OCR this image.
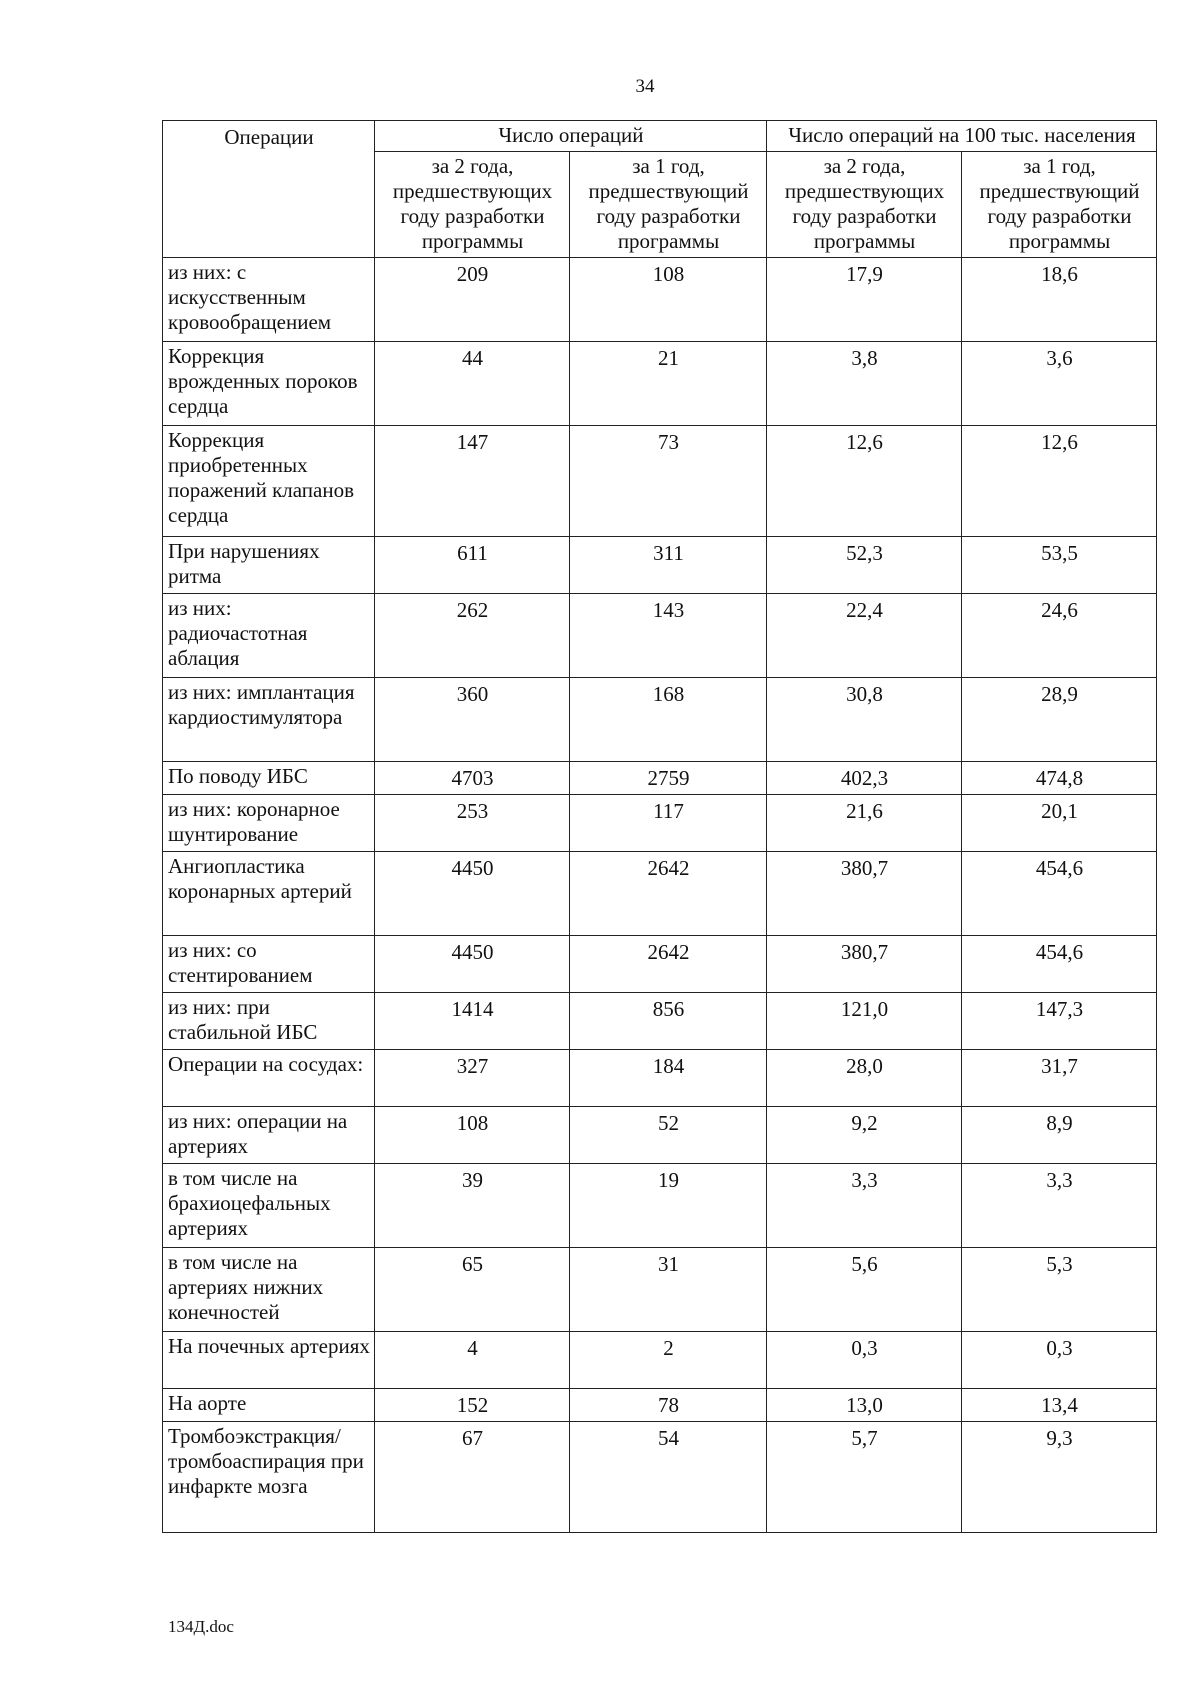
34
Операции	Число операций		Число операций на 100 тыс. населения	
	за 2 года, предшествующих году разработки программы	за 1 год, предшествующий году разработки программы	за 2 года, предшествующих году разработки программы	за 1 год, предшествующий году разработки программы
из них: с искусственным кровообращением	209	108	17,9	18,6
Коррекция врожденных пороков сердца	44	21	3,8	3,6
Коррекция приобретенных поражений клапанов сердца	147	73	12,6	12,6
При нарушениях ритма	611	311	52,3	53,5
из них: радиочастотная аблация	262	143	22,4	24,6
из них: имплантация кардиостимулятора	360	168	30,8	28,9
По поводу ИБС	4703	2759	402,3	474,8
из них: коронарное шунтирование	253	117	21,6	20,1
Ангиопластика коронарных артерий	4450	2642	380,7	454,6
из них: со стентированием	4450	2642	380,7	454,6
из них: при стабильной ИБС	1414	856	121,0	147,3
Операции на сосудах:	327	184	28,0	31,7
из них: операции на артериях	108	52	9,2	8,9
в том числе на брахиоцефальных артериях	39	19	3,3	3,3
в том числе на артериях нижних конечностей	65	31	5,6	5,3
На почечных артериях	4	2	0,3	0,3
На аорте	152	78	13,0	13,4
Тромбоэкстракция/ тромбоаспирация при инфаркте мозга	67	54	5,7	9,3
134Д.doc
